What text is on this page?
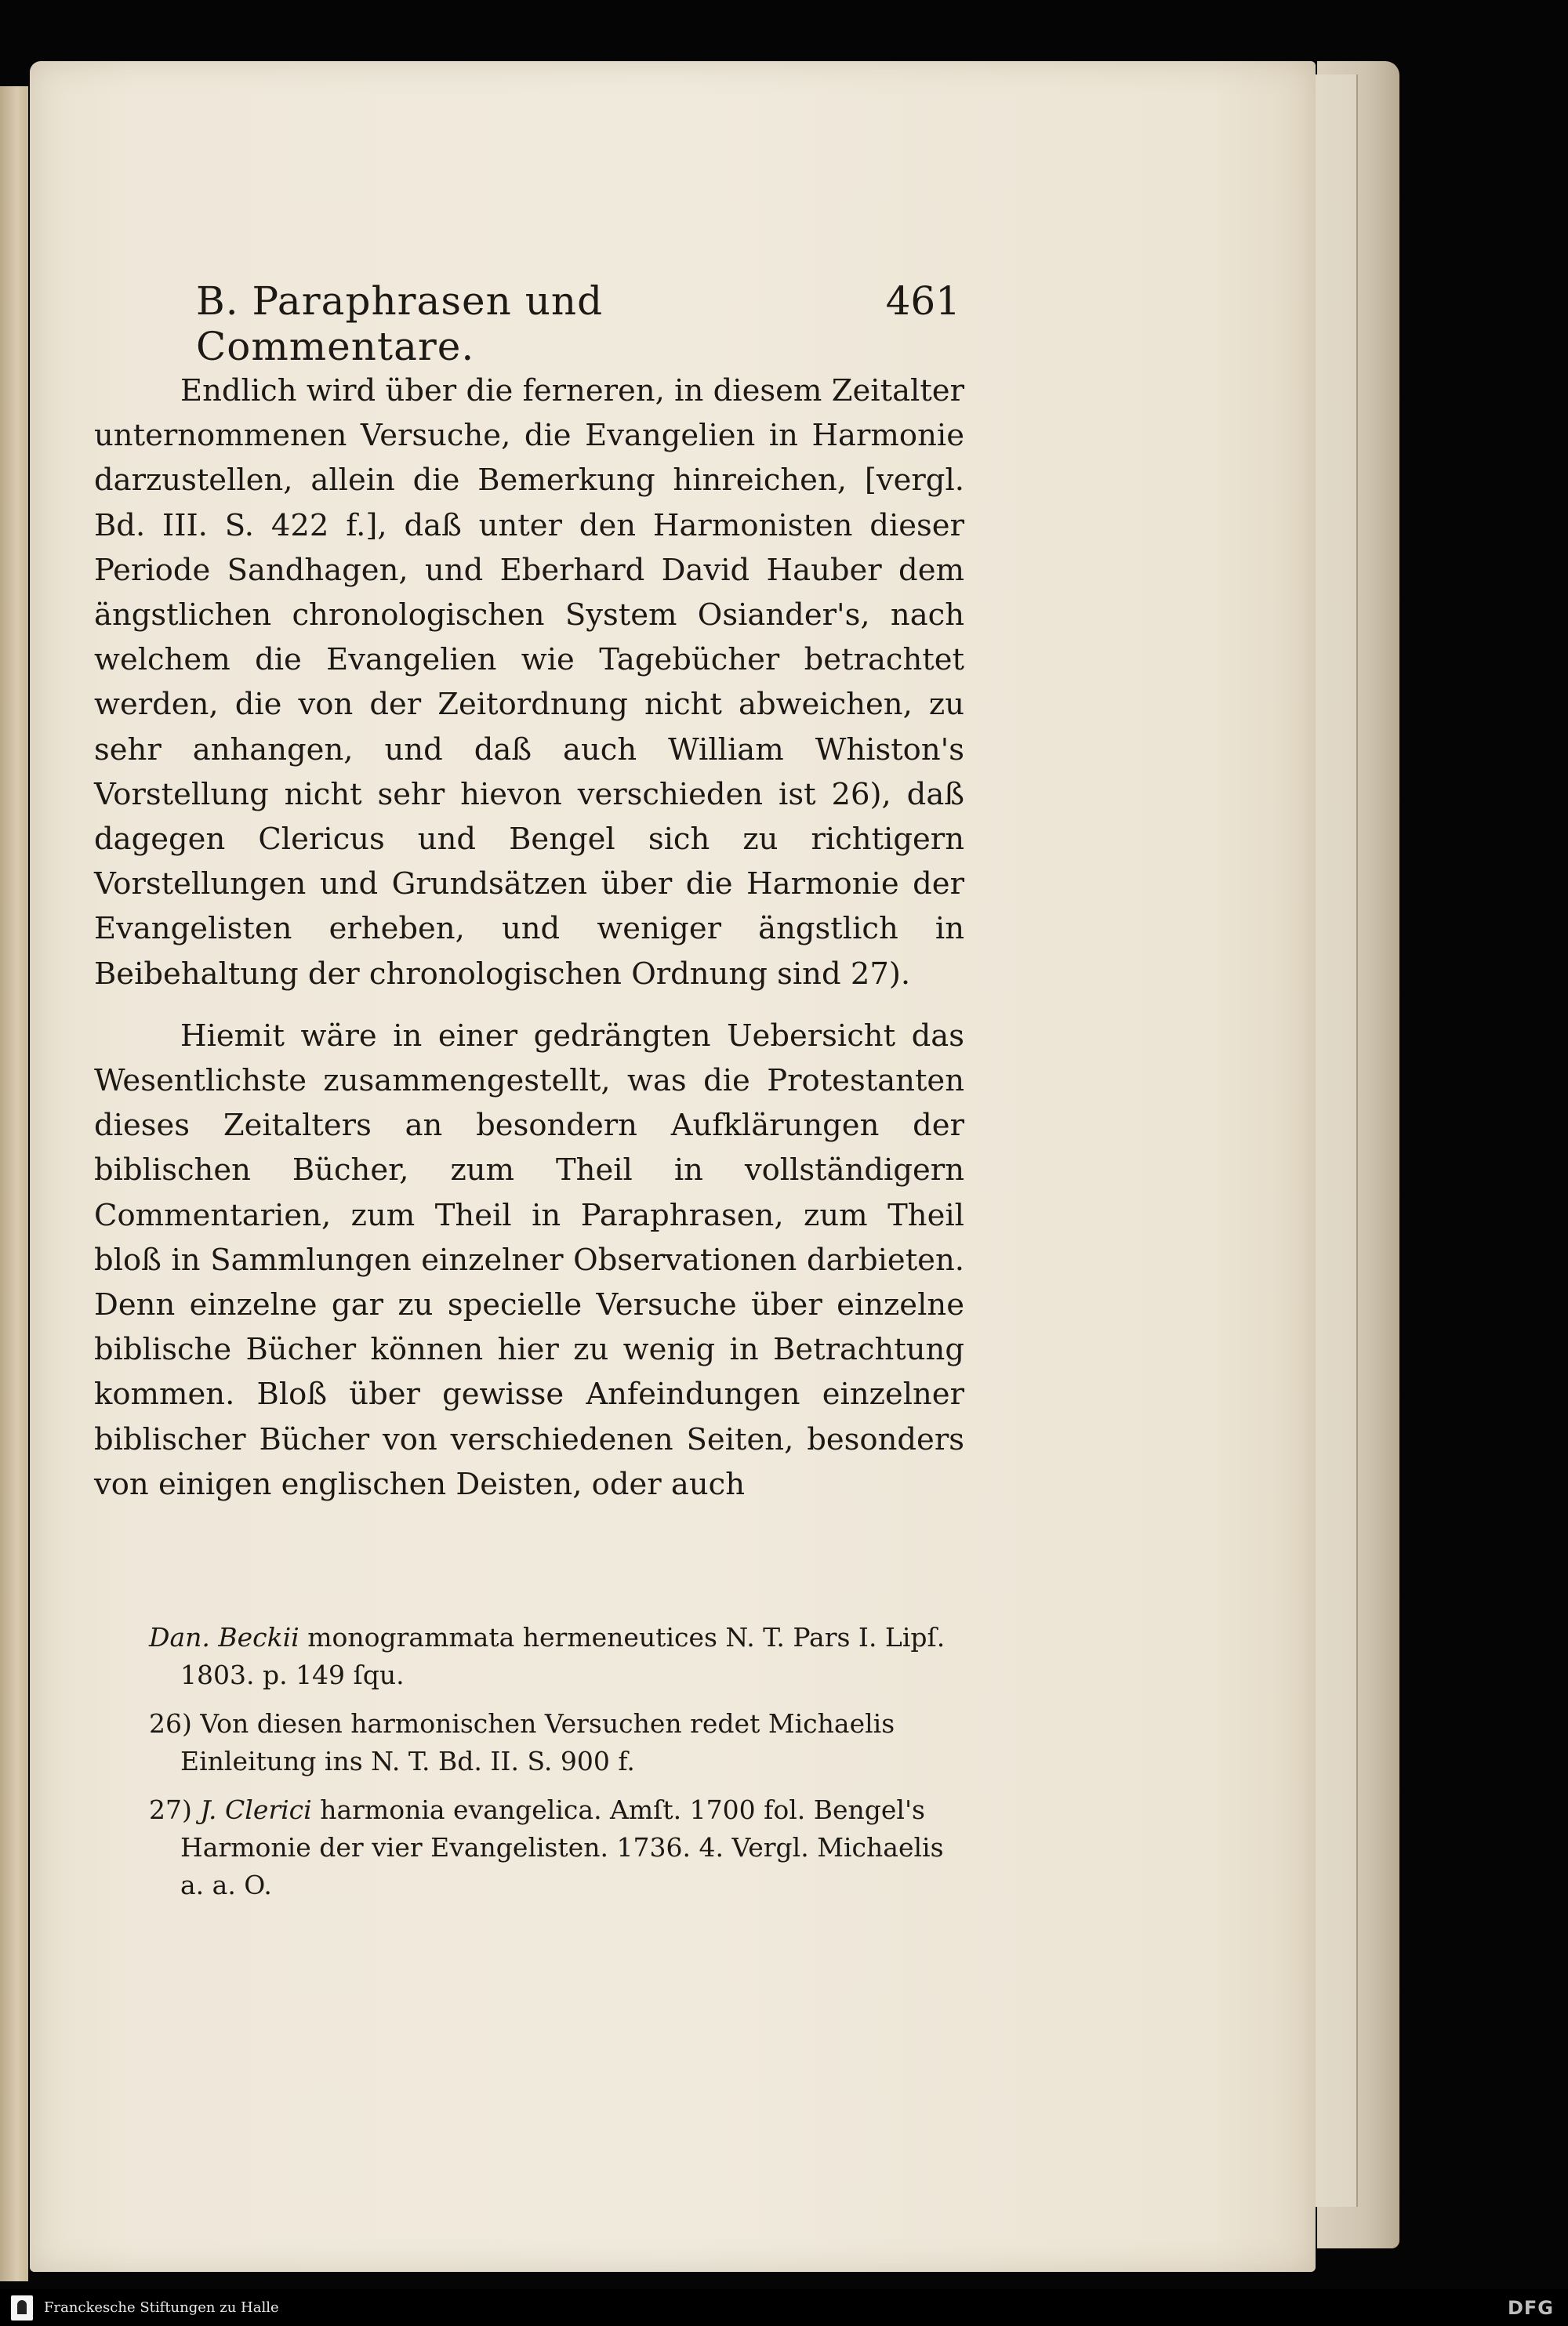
B. Paraphrasen und Commentare.
461

Endlich wird über die ferneren, in diesem Zeitalter unternommenen Versuche, die Evangelien in Harmonie darzustellen, allein die Bemerkung hinreichen, [vergl. Bd. III. S. 422 f.], daß unter den Harmonisten dieser Periode Sandhagen, und Eberhard David Hauber dem ängstlichen chronologischen System Osiander's, nach welchem die Evangelien wie Tagebücher betrachtet werden, die von der Zeitordnung nicht abweichen, zu sehr anhangen, und daß auch William Whiston's Vorstellung nicht sehr hievon verschieden ist 26), daß dagegen Clericus und Bengel sich zu richtigern Vorstellungen und Grundsätzen über die Harmonie der Evangelisten erheben, und weniger ängstlich in Beibehaltung der chronologischen Ordnung sind 27).

Hiemit wäre in einer gedrängten Uebersicht das Wesentlichste zusammengestellt, was die Protestanten dieses Zeitalters an besondern Aufklärungen der biblischen Bücher, zum Theil in vollständigern Commentarien, zum Theil in Paraphrasen, zum Theil bloß in Sammlungen einzelner Observationen darbieten. Denn einzelne gar zu specielle Versuche über einzelne biblische Bücher können hier zu wenig in Betrachtung kommen. Bloß über gewisse Anfeindungen einzelner biblischer Bücher von verschiedenen Seiten, besonders von einigen englischen Deisten, oder auch

Dan. Beckii monogrammata hermeneutices N. T. Pars I. Lipſ. 1803. p. 149 ſqu.

26) Von diesen harmonischen Versuchen redet Michaelis Einleitung ins N. T. Bd. II. S. 900 f.

27) J. Clerici harmonia evangelica. Amſt. 1700 fol. Bengel's Harmonie der vier Evangelisten. 1736. 4. Vergl. Michaelis a. a. O.

Franckesche Stiftungen zu Halle	DFG
